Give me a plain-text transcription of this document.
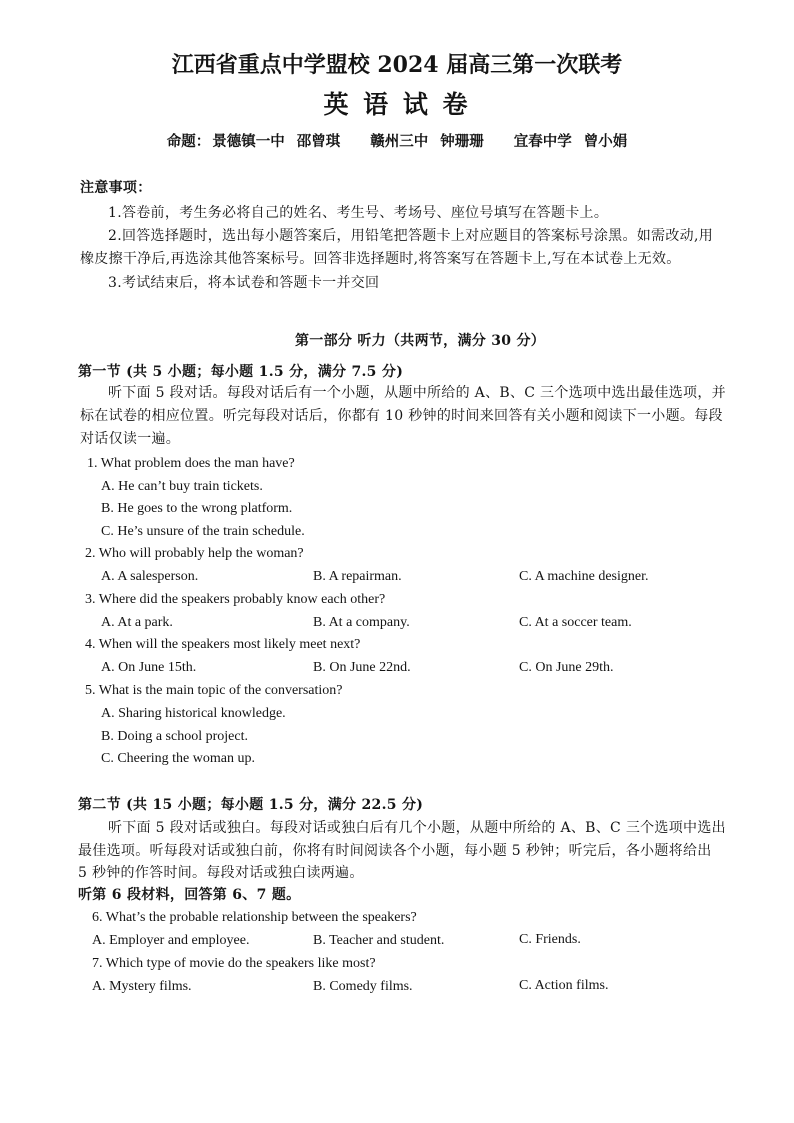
江西省重点中学盟校 2024 届高三第一次联考
英 语 试 卷
命题： 景德镇一中 邵曾琪 赣州三中 钟珊珊 宜春中学 曾小娟
注意事项：
1.答卷前，考生务必将自己的姓名、考生号、考场号、座位号填写在答题卡上。
2.回答选择题时，选出每小题答案后，用铅笔把答题卡上对应题目的答案标号涂黑。如需改动,用
橡皮擦干净后,再选涂其他答案标号。回答非选择题时,将答案写在答题卡上,写在本试卷上无效。
3.考试结束后，将本试卷和答题卡一并交回
第一部分 听力（共两节，满分 30 分）
第一节 (共 5 小题；每小题 1.5 分，满分 7.5 分)
听下面 5 段对话。每段对话后有一个小题，从题中所给的 A、B、C 三个选项中选出最佳选项，并
标在试卷的相应位置。听完每段对话后，你都有 10 秒钟的时间来回答有关小题和阅读下一小题。每段
对话仅读一遍。
1. What problem does the man have?
A. He can’t buy train tickets.
B. He goes to the wrong platform.
C. He’s unsure of the train schedule.
2. Who will probably help the woman?
A. A salesperson.	B. A repairman.	C. A machine designer.
3. Where did the speakers probably know each other?
A. At a park.	B. At a company.	C. At a soccer team.
4. When will the speakers most likely meet next?
A. On June 15th.	B. On June 22nd.	C. On June 29th.
5. What is the main topic of the conversation?
A. Sharing historical knowledge.
B. Doing a school project.
C. Cheering the woman up.
第二节 (共 15 小题；每小题 1.5 分，满分 22.5 分)
听下面 5 段对话或独白。每段对话或独白后有几个小题，从题中所给的 A、B、C 三个选项中选出
最佳选项。听每段对话或独白前，你将有时间阅读各个小题，每小题 5 秒钟；听完后，各小题将给出
5 秒钟的作答时间。每段对话或独白读两遍。
听第 6 段材料，回答第 6、7 题。
6. What’s the probable relationship between the speakers?
A. Employer and employee.	B. Teacher and student.	C. Friends.
7. Which type of movie do the speakers like most?
A. Mystery films.	B. Comedy films.	C. Action films.
